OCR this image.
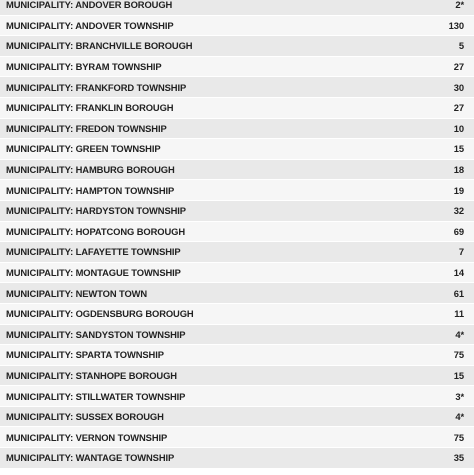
MUNICIPALITY: ANDOVER BOROUGH	2*
MUNICIPALITY: ANDOVER TOWNSHIP	130
MUNICIPALITY: BRANCHVILLE BOROUGH	5
MUNICIPALITY: BYRAM TOWNSHIP	27
MUNICIPALITY: FRANKFORD TOWNSHIP	30
MUNICIPALITY: FRANKLIN BOROUGH	27
MUNICIPALITY: FREDON TOWNSHIP	10
MUNICIPALITY: GREEN TOWNSHIP	15
MUNICIPALITY: HAMBURG BOROUGH	18
MUNICIPALITY: HAMPTON TOWNSHIP	19
MUNICIPALITY: HARDYSTON TOWNSHIP	32
MUNICIPALITY: HOPATCONG BOROUGH	69
MUNICIPALITY: LAFAYETTE TOWNSHIP	7
MUNICIPALITY: MONTAGUE TOWNSHIP	14
MUNICIPALITY: NEWTON TOWN	61
MUNICIPALITY: OGDENSBURG BOROUGH	11
MUNICIPALITY: SANDYSTON TOWNSHIP	4*
MUNICIPALITY: SPARTA TOWNSHIP	75
MUNICIPALITY: STANHOPE BOROUGH	15
MUNICIPALITY: STILLWATER TOWNSHIP	3*
MUNICIPALITY: SUSSEX BOROUGH	4*
MUNICIPALITY: VERNON TOWNSHIP	75
MUNICIPALITY: WANTAGE TOWNSHIP	35
